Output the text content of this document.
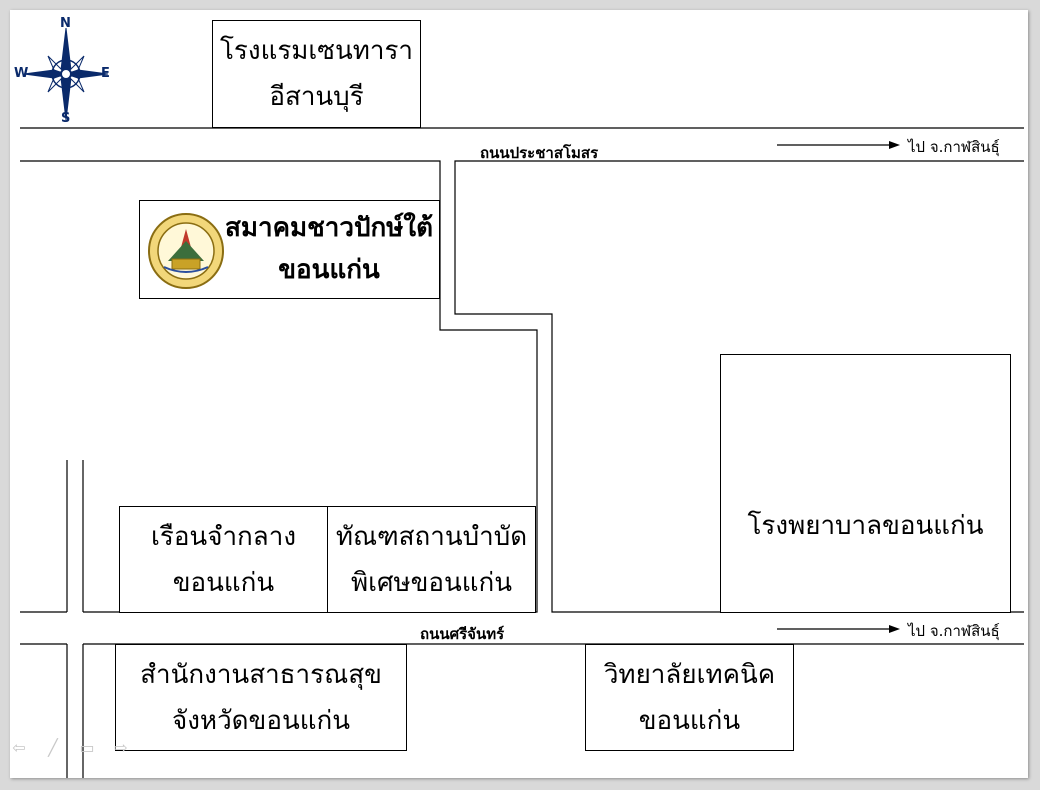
ถนนประชาสโมสร
ถนนศรีจันทร์
ไป จ.กาฬสินธุ์
ไป จ.กาฬสินธุ์
โรงแรมเซนทารา
อีสานบุรี
สมาคมชาวปักษ์ใต้
ขอนแก่น
เรือนจำกลาง
ขอนแก่น
ทัณฑสถานบำบัด
พิเศษขอนแก่น
โรงพยาบาลขอนแก่น
สำนักงานสาธารณสุข
จังหวัดขอนแก่น
วิทยาลัยเทคนิค
ขอนแก่น
N
S
W	E
⇦	╱	▭ ⇨
